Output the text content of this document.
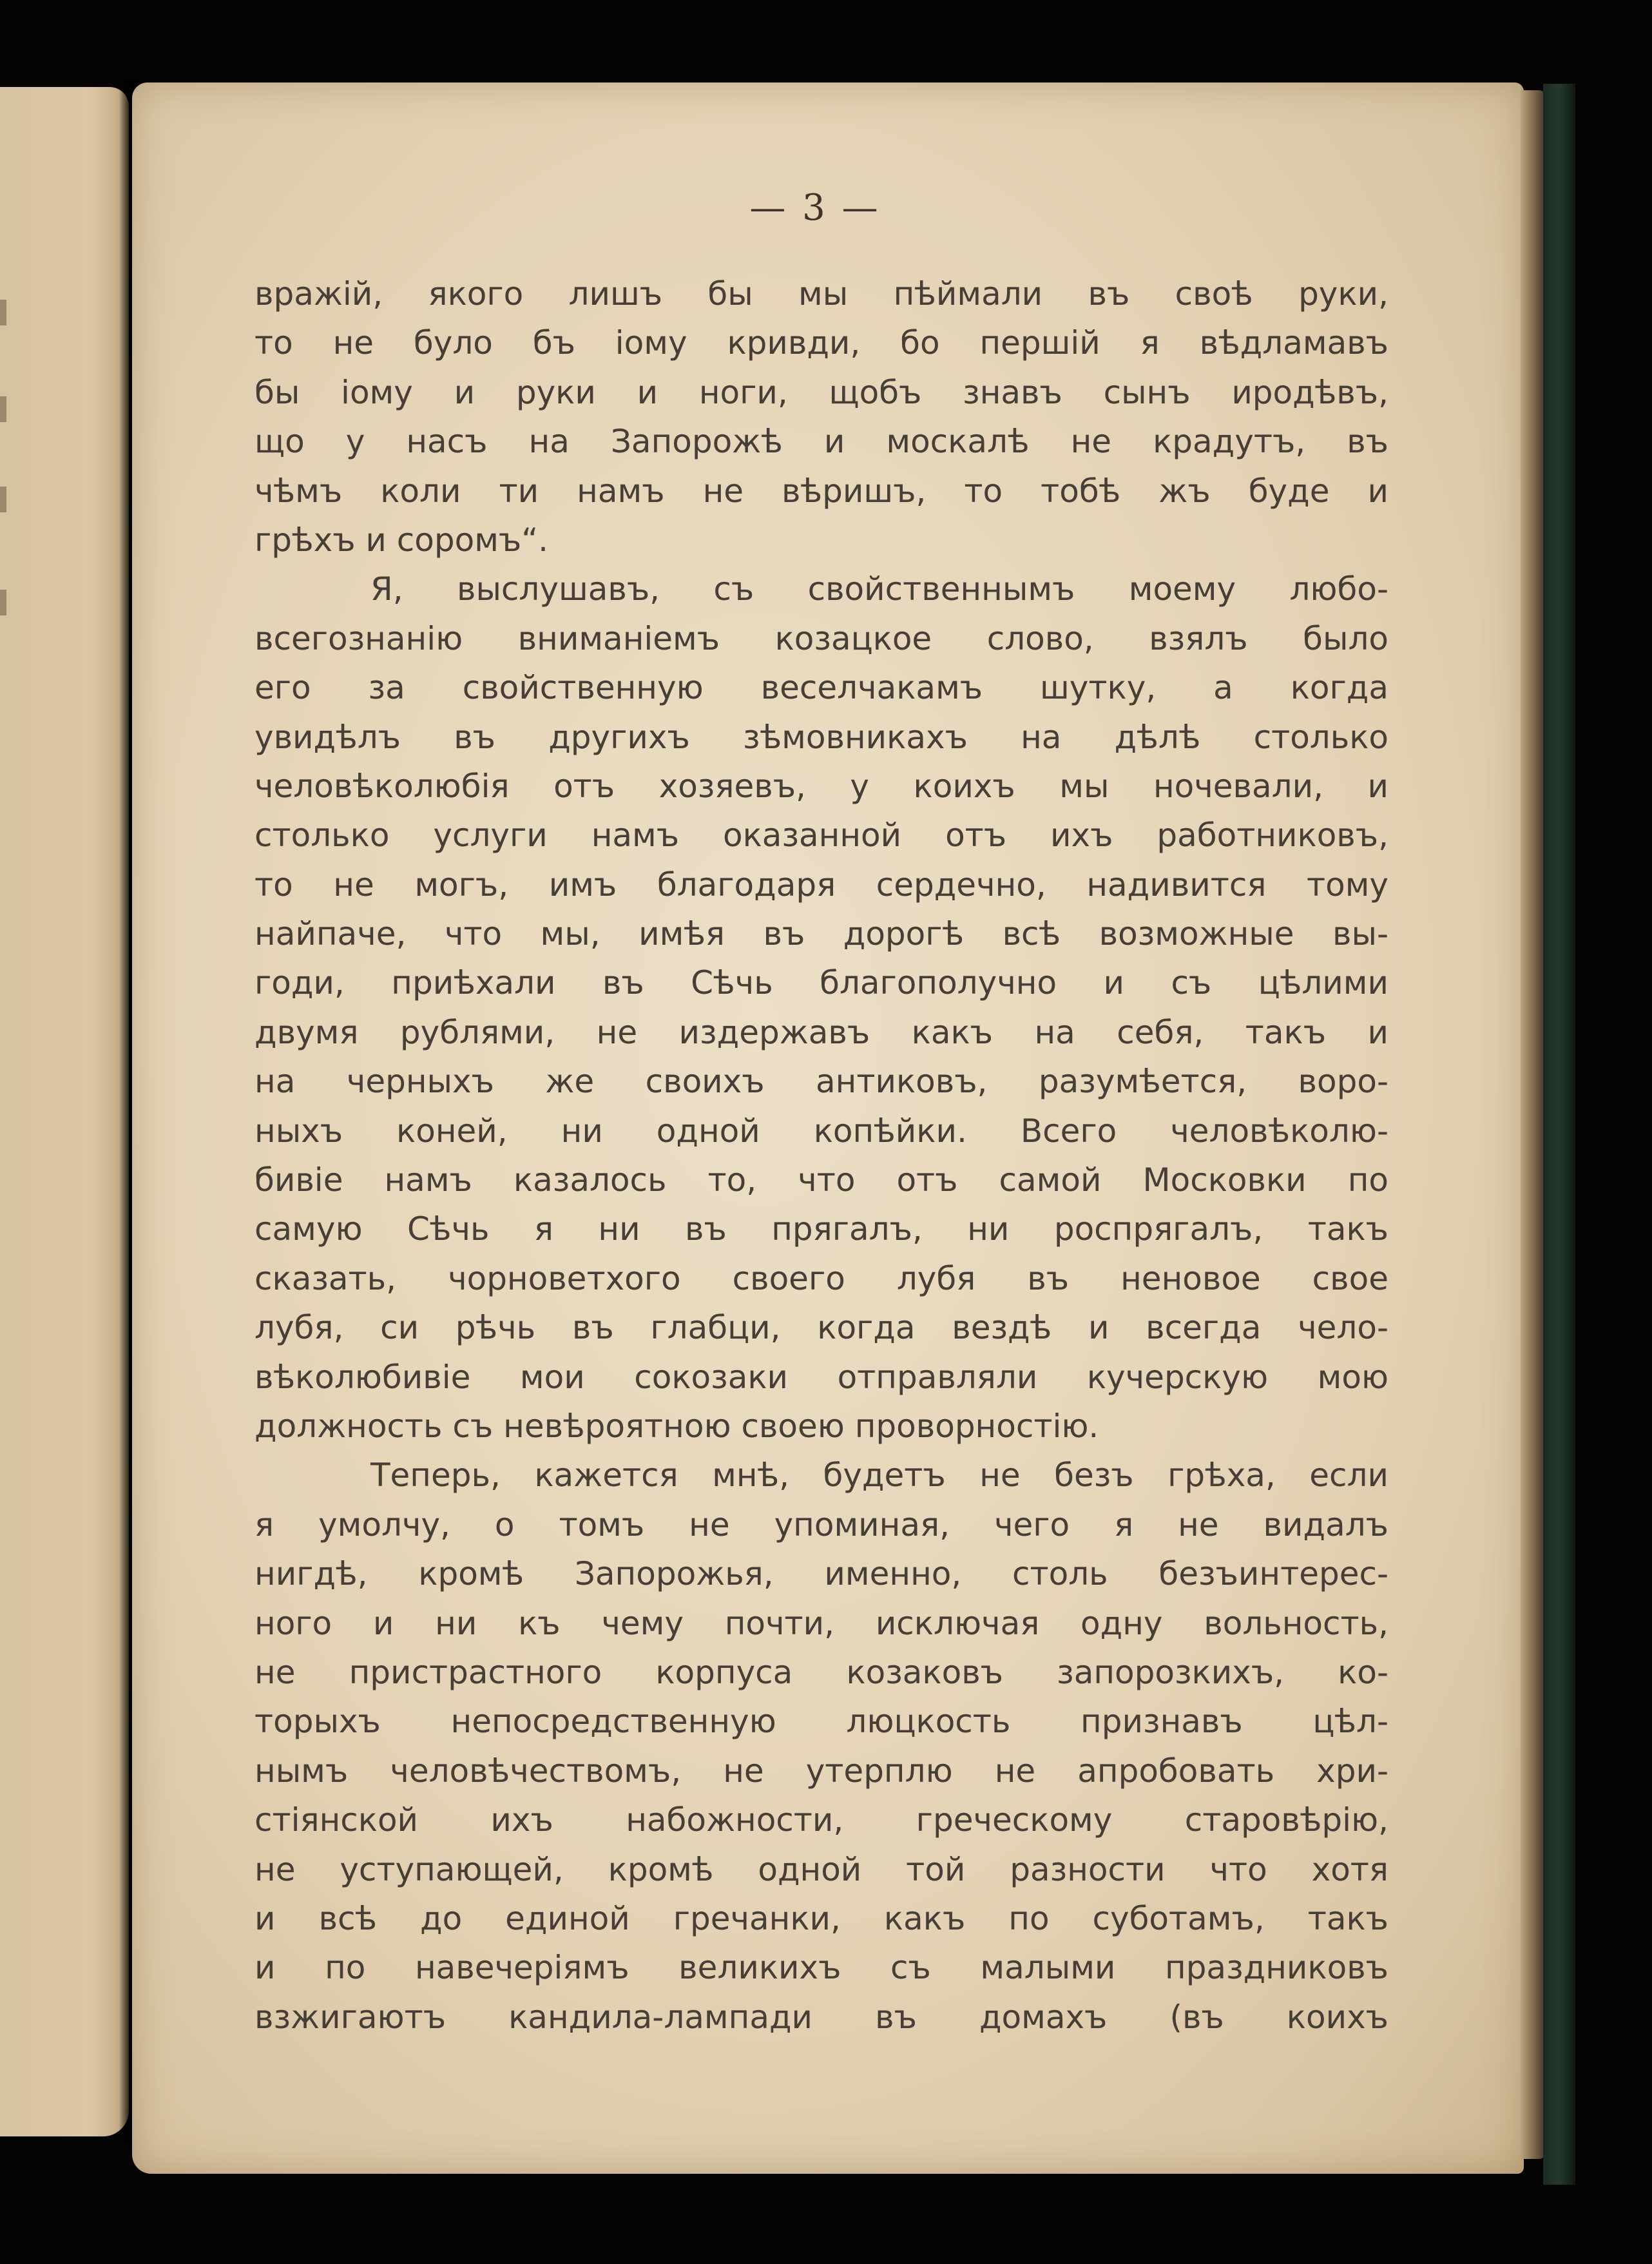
— 3 —
вражій, якого лишъ бы мы пѣймали въ своѣ руки,
то не було бъ іому кривди, бо першій я вѣдламавъ
бы іому и руки и ноги, щобъ знавъ сынъ иродѣвъ,
що у насъ на Запорожѣ и москалѣ не крадутъ, въ
чѣмъ коли ти намъ не вѣришъ, то тобѣ жъ буде и
грѣхъ и соромъ“.
Я, выслушавъ, съ свойственнымъ моему любо-
всегознанію вниманіемъ козацкое слово, взялъ было
его за свойственную веселчакамъ шутку, а когда
увидѣлъ въ другихъ зѣмовникахъ на дѣлѣ столько
человѣколюбія отъ хозяевъ, у коихъ мы ночевали, и
столько услуги намъ оказанной отъ ихъ работниковъ,
то не могъ, имъ благодаря сердечно, надивится тому
найпаче, что мы, имѣя въ дорогѣ всѣ возможные вы-
годи, приѣхали въ Сѣчь благополучно и съ цѣлими
двумя рублями, не издержавъ какъ на себя, такъ и
на черныхъ же своихъ антиковъ, разумѣется, воро-
ныхъ коней, ни одной копѣйки. Всего человѣколю-
бивіе намъ казалось то, что отъ самой Московки по
самую Сѣчь я ни въ прягалъ, ни роспрягалъ, такъ
сказать, чорноветхого своего лубя въ неновое свое
лубя, си рѣчь въ глабци, когда вездѣ и всегда чело-
вѣколюбивіе мои сокозаки отправляли кучерскую мою
должность съ невѣроятною своею проворностію.
Теперь, кажется мнѣ, будетъ не безъ грѣха, если
я умолчу, о томъ не упоминая, чего я не видалъ
нигдѣ, кромѣ Запорожья, именно, столь безъинтерес-
ного и ни къ чему почти, исключая одну вольность,
не пристрастного корпуса козаковъ запорозкихъ, ко-
торыхъ непосредственную люцкость признавъ цѣл-
нымъ человѣчествомъ, не утерплю не апробовать хри-
стіянской ихъ набожности, греческому старовѣрію,
не уступающей, кромѣ одной той разности что хотя
и всѣ до единой гречанки, какъ по суботамъ, такъ
и по навечеріямъ великихъ съ малыми праздниковъ
взжигаютъ кандила-лампади въ домахъ (въ коихъ
